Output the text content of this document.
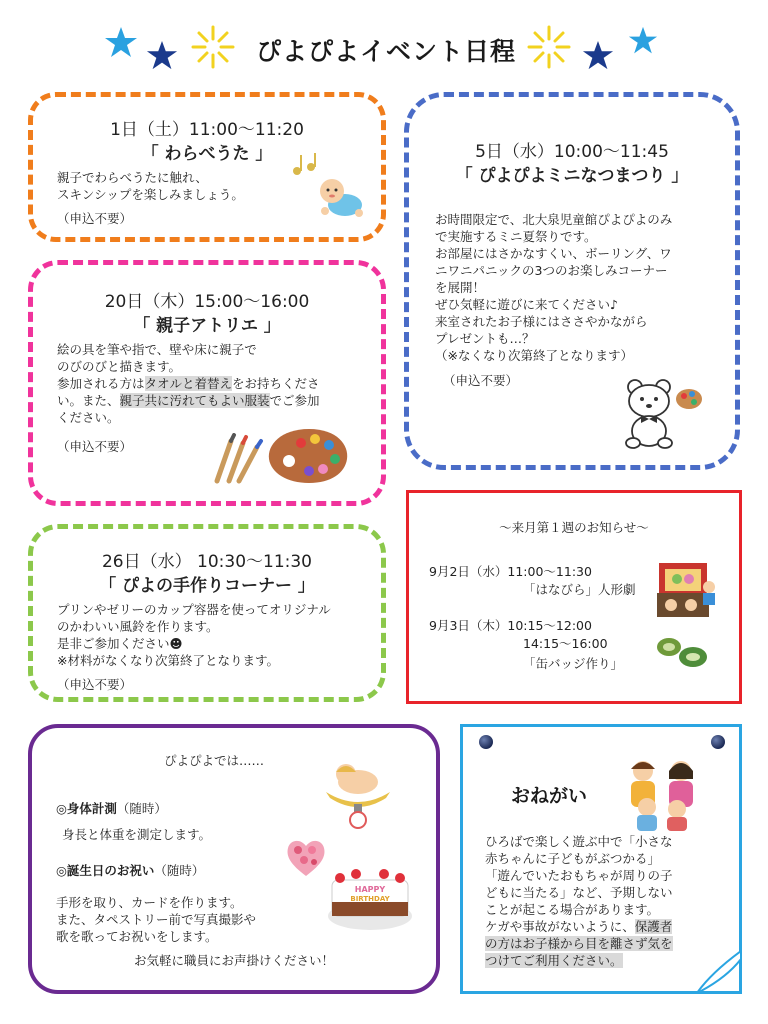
ぴよぴよイベント日程
1日（土）11:00～11:20
「 わらべうた 」
親子でわらべうたに触れ、
スキンシップを楽しみましょう。
（申込不要）
20日（木）15:00～16:00
「 親子アトリエ 」
絵の具を筆や指で、壁や床に親子で
のびのびと描きます。
参加される方はタオルと着替えをお持ちくださ
い。また、親子共に汚れてもよい服装でご参加
ください。
（申込不要）
26日（水） 10:30～11:30
「 ぴよの手作りコーナー 」
プリンやゼリーのカップ容器を使ってオリジナル
のかわいい風鈴を作ります。
是非ご参加ください☻
※材料がなくなり次第終了となります。
（申込不要）
5日（水）10:00～11:45
「 ぴよぴよミニなつまつり 」
お時間限定で、北大泉児童館ぴよぴよのみ
で実施するミニ夏祭りです。
お部屋にはさかなすくい、ボーリング、ワ
ニワニパニックの3つのお楽しみコーナー
を展開！
ぜひ気軽に遊びに来てください♪
来室されたお子様にはささやかながら
プレゼントも…？
（※なくなり次第終了となります）
（申込不要）
～来月第１週のお知らせ～
9月2日（水）11:00～11:30
「はなびら」人形劇
9月3日（木）10:15～12:00
14:15～16:00
「缶バッジ作り」
ぴよぴよでは……
◎身体計測（随時）
身長と体重を測定します。
◎誕生日のお祝い（随時）
手形を取り、カードを作ります。
また、タペストリー前で写真撮影や
歌を歌ってお祝いをします。
お気軽に職員にお声掛けください！
HAPPY
BIRTHDAY
おねがい
ひろばで楽しく遊ぶ中で「小さな
赤ちゃんに子どもがぶつかる」
「遊んでいたおもちゃが周りの子
どもに当たる」など、予期しない
ことが起こる場合があります。
ケガや事故がないように、保護者
の方はお子様から目を離さず気を
つけてご利用ください。
